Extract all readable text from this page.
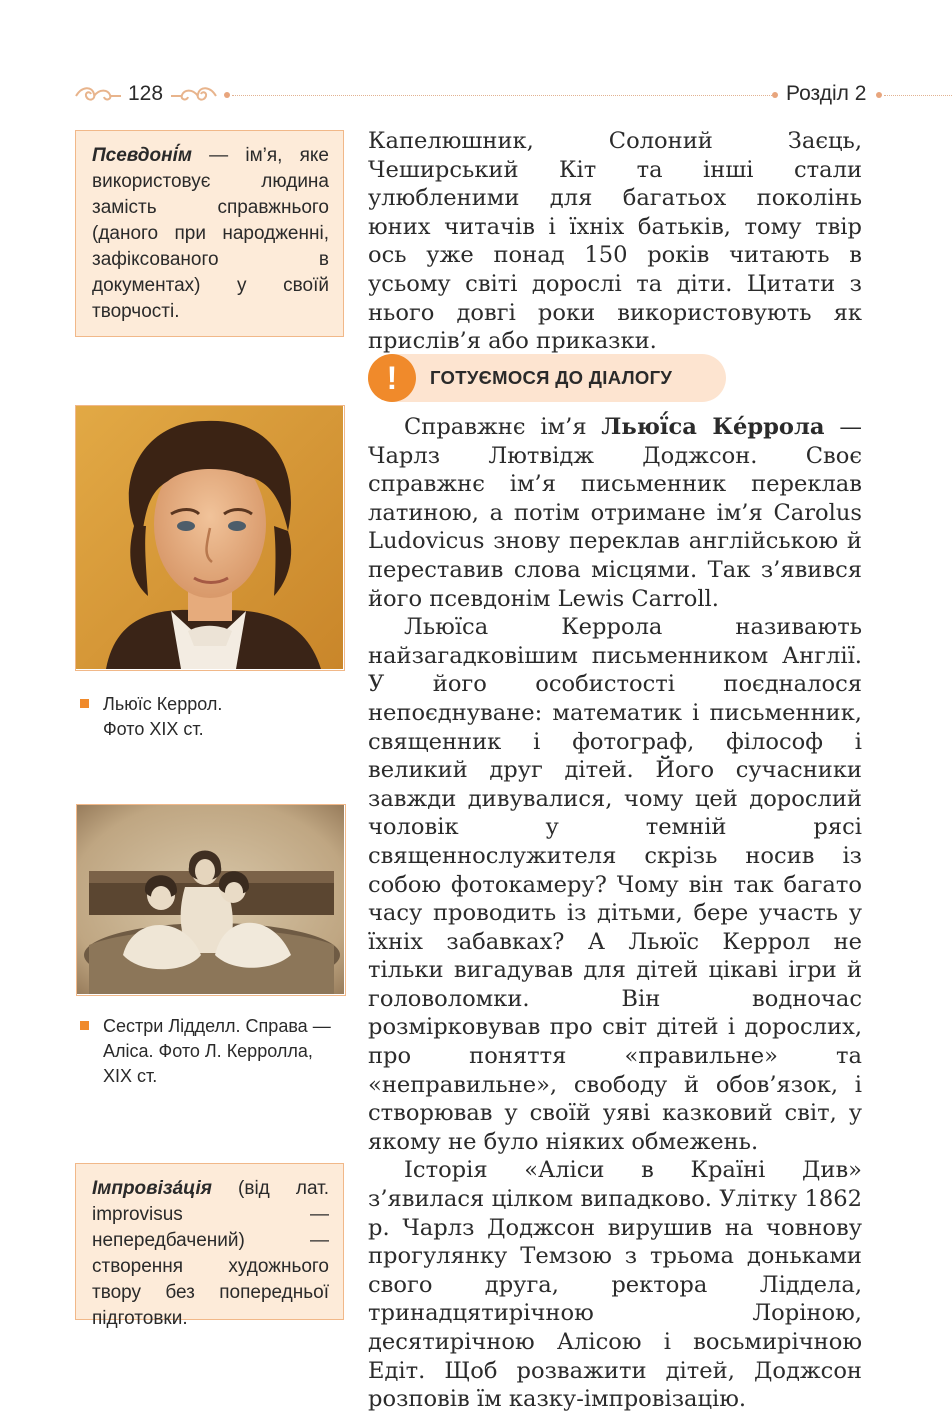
128	Розділ 2
Псевдоні́м — ім’я, яке використовує людина замість справжнього (даного при народженні, зафіксованого в документах) у своїй творчості.
Льюїс Керрол.
Фото XIX ст.
Сестри Лідделл. Справа —
Аліса. Фото Л. Керролла,
XIX ст.
Імпровіза́ція (від лат. improvisus — непередбачений) — створення художнього твору без попередньої підготовки.

Капелюшник, Солоний Заєць, Чеширський Кіт та інші стали улюбленими для багатьох поколінь юних читачів і їхніх батьків, тому твір ось уже понад 150 років читають в усьому світі дорослі та діти. Цитати з нього довгі роки використовують як прислів’я або приказки.

!	ГОТУЄМОСЯ ДО ДІАЛОГУ

Справжнє ім’я Льюї́са Ке́ррола — Чарлз Лютвідж Доджсон. Своє справжнє ім’я письменник переклав латиною, а потім отримане ім’я Carolus Ludovicus знову переклав англійською й переставив слова місцями. Так з’явився його псевдонім Lewis Carroll.

Льюїса Керрола називають найзагадковішим письменником Англії. У його особистості поєдналося непоєднуване: математик і письменник, священник і фотограф, філософ і великий друг дітей. Його сучасники завжди дивувалися, чому цей дорослий чоловік у темній рясі священнослужителя скрізь носив із собою фотокамеру? Чому він так багато часу проводить із дітьми, бере участь у їхніх забавках? А Льюїс Керрол не тільки вигадував для дітей цікаві ігри й головоломки. Він водночас розмірковував про світ дітей і дорослих, про поняття «правильне» та «неправильне», свободу й обов’язок, і створював у своїй уяві казковий світ, у якому не було ніяких обмежень.

Історія «Аліси в Країні Див» з’явилася цілком випадково. Улітку 1862 р. Чарлз Доджсон вирушив на човнову прогулянку Темзою з трьома доньками свого друга, ректора Ліддела, тринадцятирічною Лоріною, десятирічною Алісою і восьмирічною Едіт. Щоб розважити дітей, Доджсон розповів їм казку-імпровізацію.
